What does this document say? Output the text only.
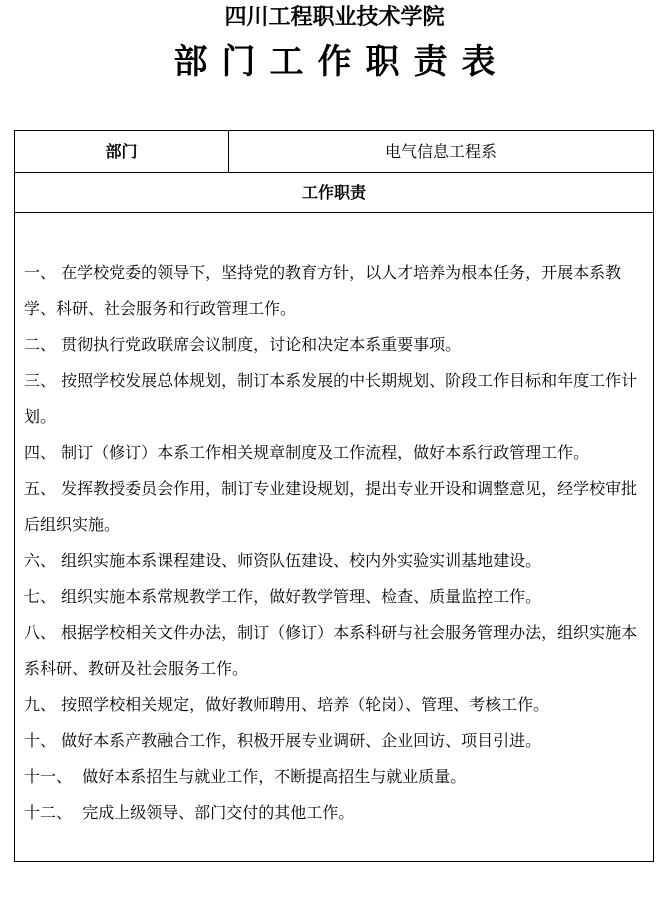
四川工程职业技术学院
部门工作职责表
部门	电气信息工程系
工作职责
一、 在学校党委的领导下，坚持党的教育方针，以人才培养为根本任务，开展本系教学、科研、社会服务和行政管理工作。
二、 贯彻执行党政联席会议制度，讨论和决定本系重要事项。
三、 按照学校发展总体规划，制订本系发展的中长期规划、阶段工作目标和年度工作计划。
四、 制订（修订）本系工作相关规章制度及工作流程，做好本系行政管理工作。
五、 发挥教授委员会作用，制订专业建设规划，提出专业开设和调整意见，经学校审批后组织实施。
六、 组织实施本系课程建设、师资队伍建设、校内外实验实训基地建设。
七、 组织实施本系常规教学工作，做好教学管理、检查、质量监控工作。
八、 根据学校相关文件办法，制订（修订）本系科研与社会服务管理办法，组织实施本系科研、教研及社会服务工作。
九、 按照学校相关规定，做好教师聘用、培养（轮岗）、管理、考核工作。
十、 做好本系产教融合工作，积极开展专业调研、企业回访、项目引进。
十一、  做好本系招生与就业工作，不断提高招生与就业质量。
十二、  完成上级领导、部门交付的其他工作。
